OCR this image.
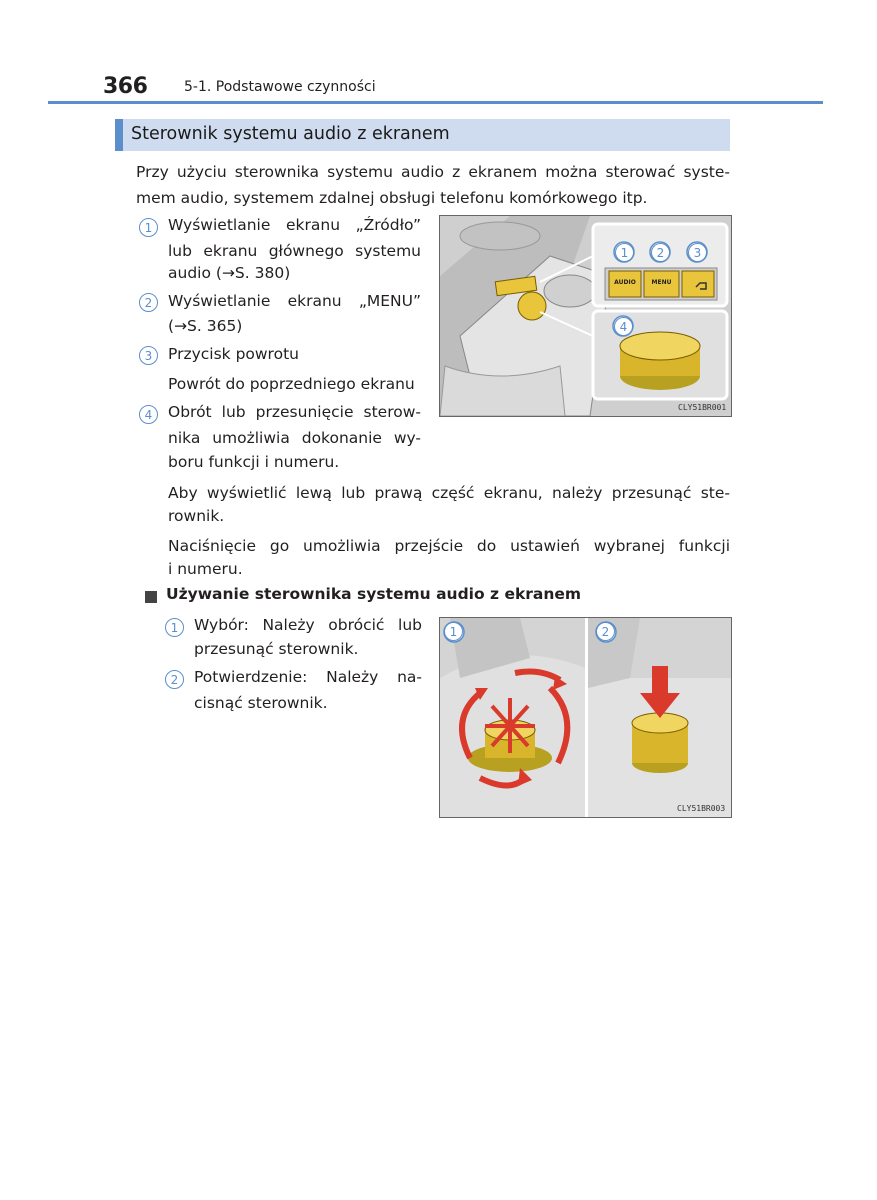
366	5-1. Podstawowe czynności
Sterownik systemu audio z ekranem
Przy użyciu sterownika systemu audio z ekranem można sterować syste-
mem audio, systemem zdalnej obsługi telefonu komórkowego itp.
1	Wyświetlanie ekranu „Źródło”
lub ekranu głównego systemu
audio (→S. 380)
2	Wyświetlanie ekranu „MENU”
(→S. 365)
3	Przycisk powrotu
Powrót do poprzedniego ekranu
4	Obrót lub przesunięcie sterow-
nika umożliwia dokonanie wy-
boru funkcji i numeru.
1	2	3
4
AUDIO	MENU
CLY51BR001
Aby wyświetlić lewą lub prawą część ekranu, należy przesunąć ste-
rownik.
Naciśnięcie go umożliwia przejście do ustawień wybranej funkcji
i numeru.
Używanie sterownika systemu audio z ekranem
1	Wybór: Należy obrócić lub
przesunąć sterownik.
2	Potwierdzenie: Należy na-
cisnąć sterownik.
1	2
CLY51BR003
